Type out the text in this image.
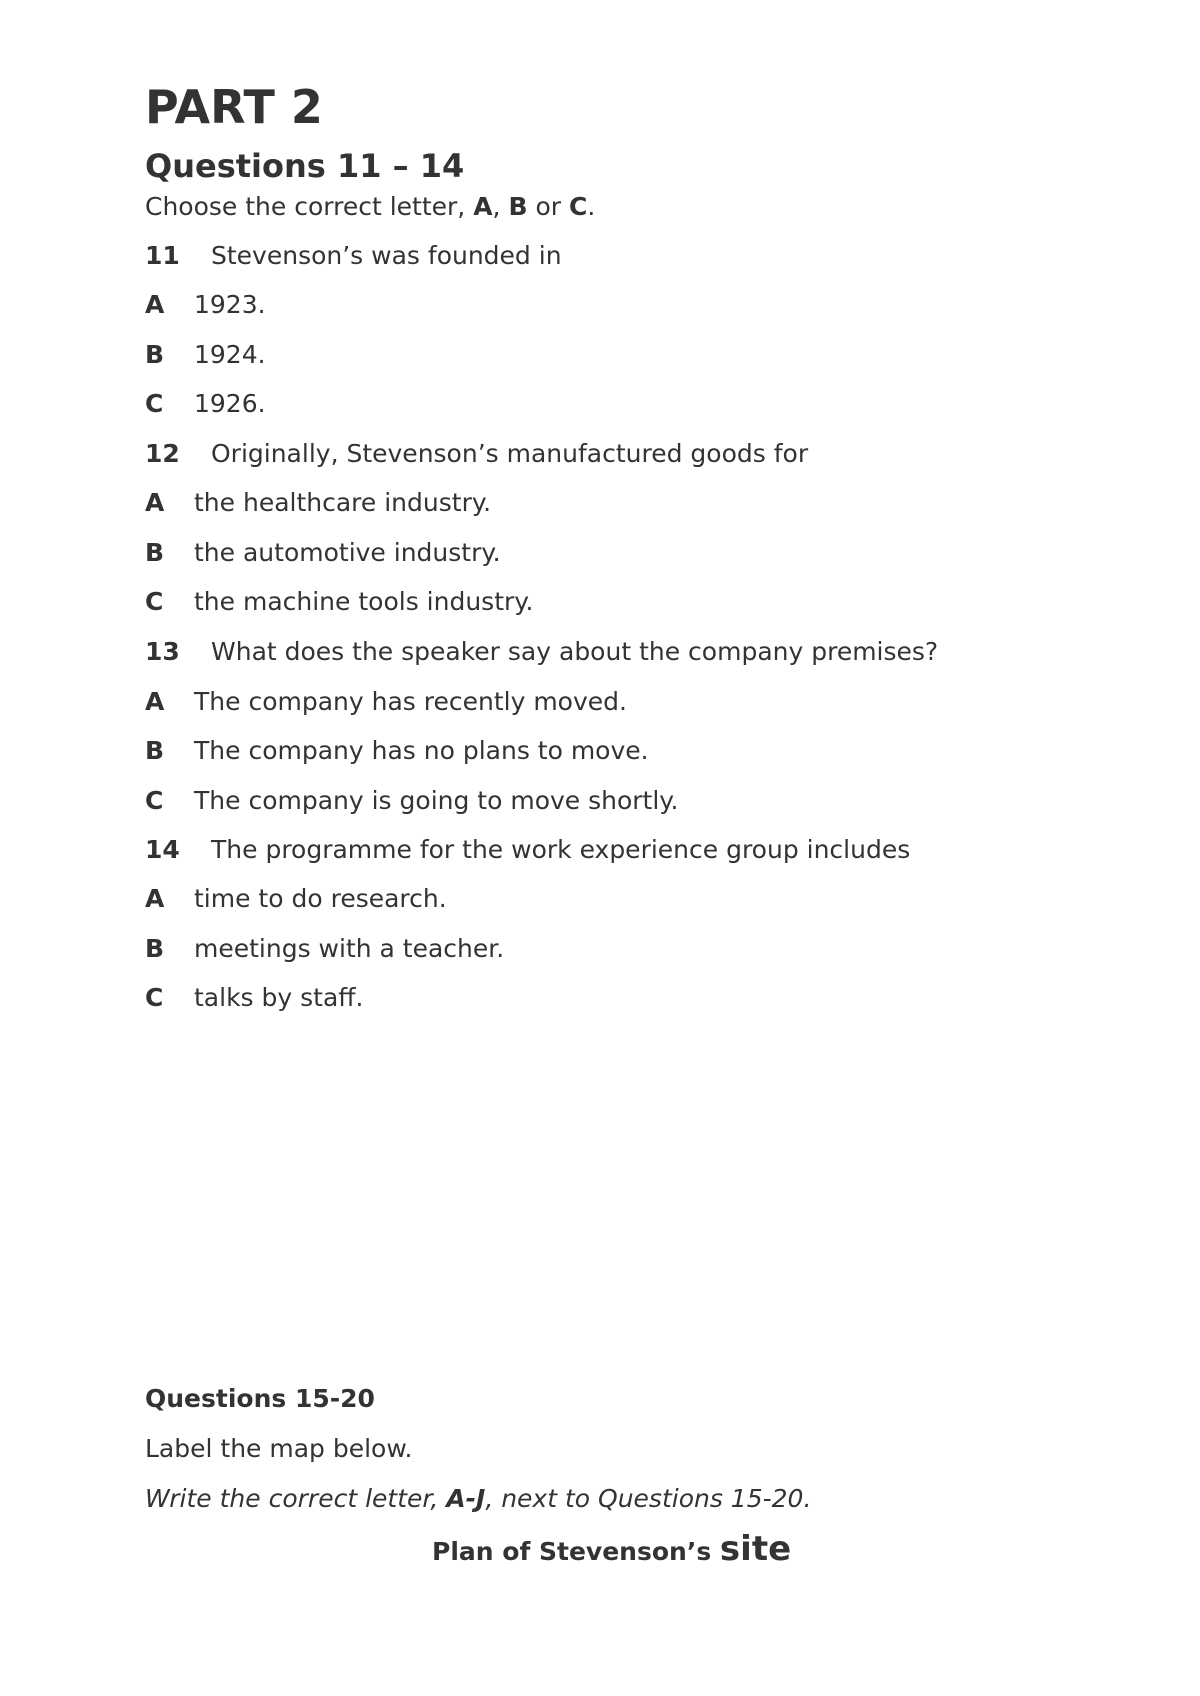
PART 2
Questions 11 – 14
Choose the correct letter, A, B or C.
11 Stevenson’s was founded in
A 1923.
B 1924.
C 1926.
12 Originally, Stevenson’s manufactured goods for
A the healthcare industry.
B the automotive industry.
C the machine tools industry.
13 What does the speaker say about the company premises?
A The company has recently moved.
B The company has no plans to move.
C The company is going to move shortly.
14 The programme for the work experience group includes
A time to do research.
B meetings with a teacher.
C talks by staff.
Questions 15-20
Label the map below.
Write the correct letter, A-J, next to Questions 15-20.
Plan of Stevenson’s site
